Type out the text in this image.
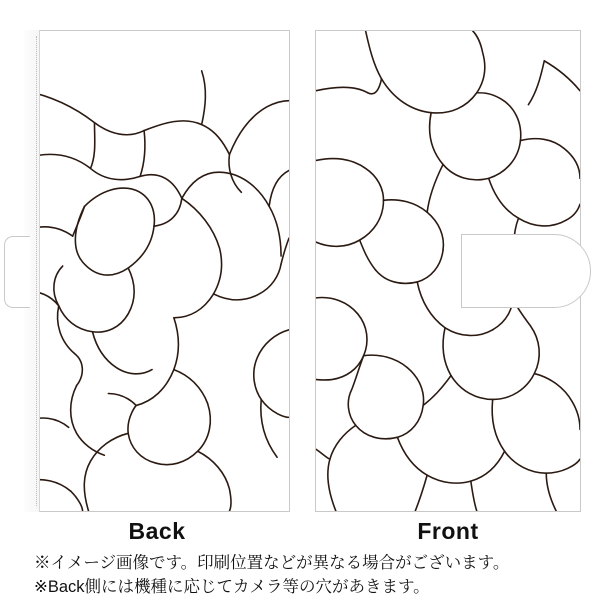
Back	Front
※イメージ画像です。印刷位置などが異なる場合がございます。
※Back側には機種に応じてカメラ等の穴があきます。
